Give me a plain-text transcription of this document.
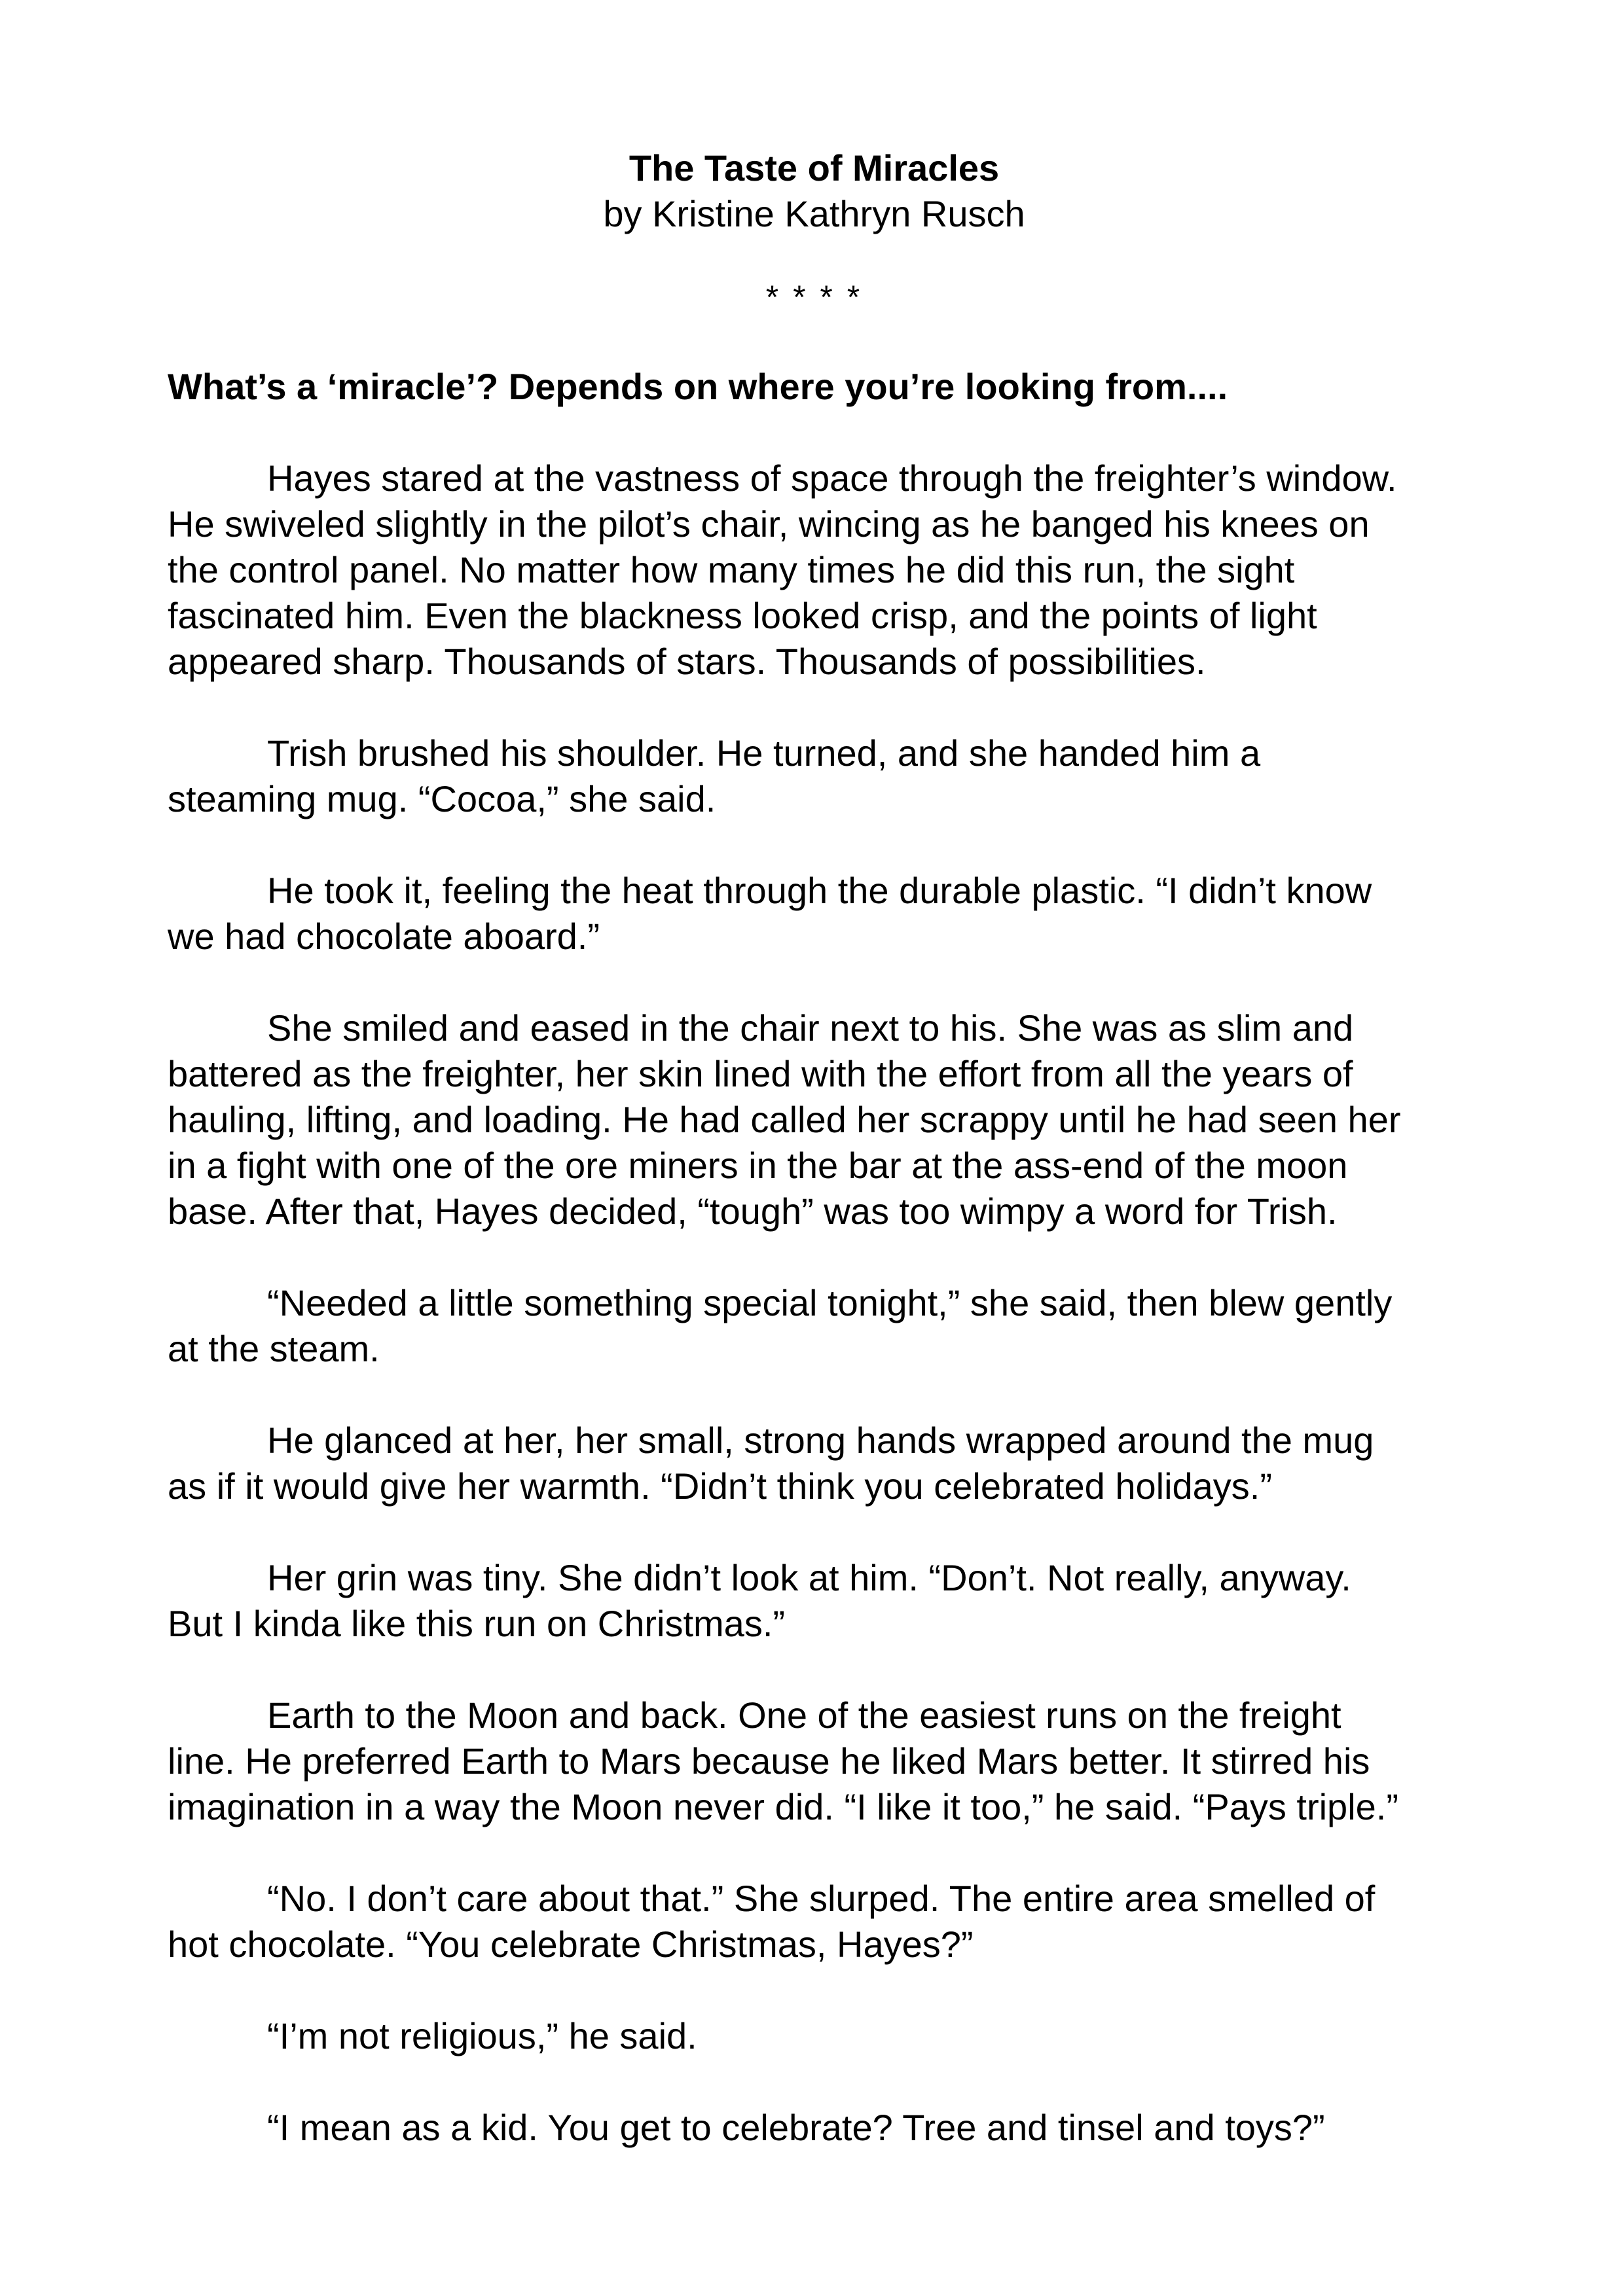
The Taste of Miracles

by Kristine Kathryn Rusch

* * * *

What’s a ‘miracle’? Depends on where you’re looking from....

Hayes stared at the vastness of space through the freighter’s window.
He swiveled slightly in the pilot’s chair, wincing as he banged his knees on
the control panel. No matter how many times he did this run, the sight
fascinated him. Even the blackness looked crisp, and the points of light
appeared sharp. Thousands of stars. Thousands of possibilities.
Trish brushed his shoulder. He turned, and she handed him a
steaming mug. “Cocoa,” she said.
He took it, feeling the heat through the durable plastic. “I didn’t know
we had chocolate aboard.”
She smiled and eased in the chair next to his. She was as slim and
battered as the freighter, her skin lined with the effort from all the years of
hauling, lifting, and loading. He had called her scrappy until he had seen her
in a fight with one of the ore miners in the bar at the ass-end of the moon
base. After that, Hayes decided, “tough” was too wimpy a word for Trish.
“Needed a little something special tonight,” she said, then blew gently
at the steam.
He glanced at her, her small, strong hands wrapped around the mug
as if it would give her warmth. “Didn’t think you celebrated holidays.”
Her grin was tiny. She didn’t look at him. “Don’t. Not really, anyway.
But I kinda like this run on Christmas.”
Earth to the Moon and back. One of the easiest runs on the freight
line. He preferred Earth to Mars because he liked Mars better. It stirred his
imagination in a way the Moon never did. “I like it too,” he said. “Pays triple.”
“No. I don’t care about that.” She slurped. The entire area smelled of
hot chocolate. “You celebrate Christmas, Hayes?”
“I’m not religious,” he said.
“I mean as a kid. You get to celebrate? Tree and tinsel and toys?”
